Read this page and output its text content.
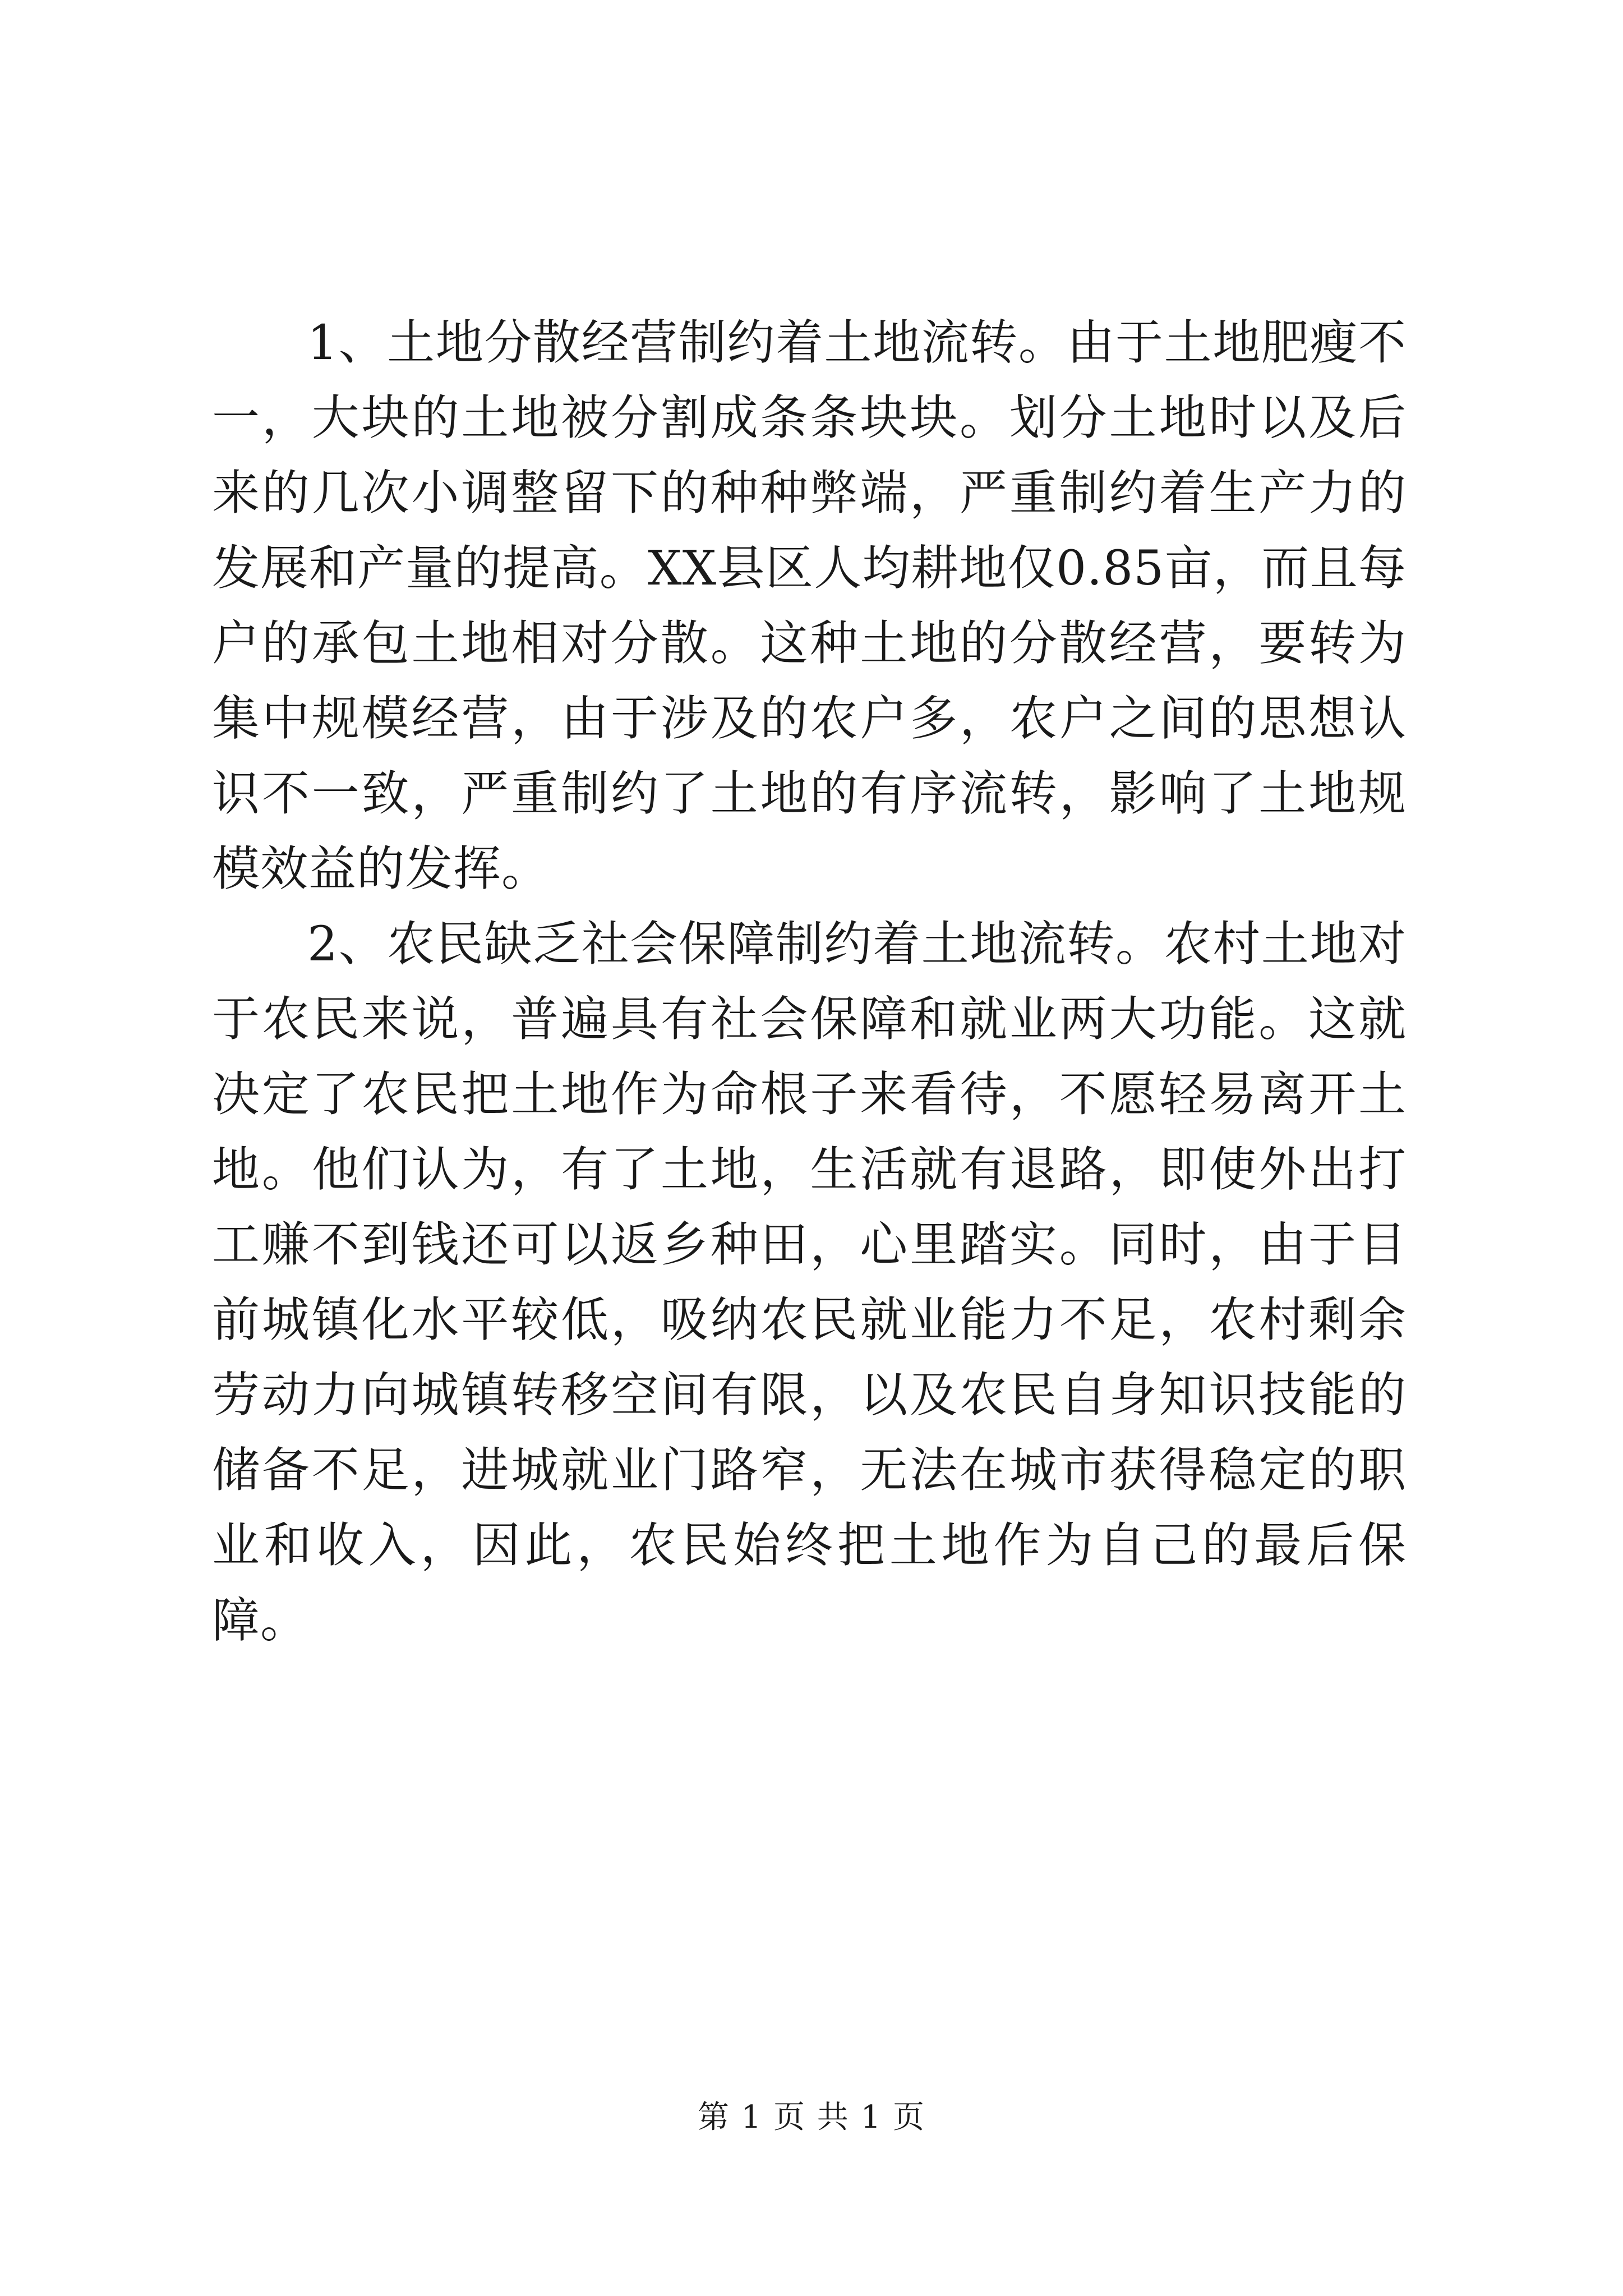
1、土地分散经营制约着土地流转。由于土地肥瘦不一，大块的土地被分割成条条块块。划分土地时以及后来的几次小调整留下的种种弊端，严重制约着生产力的发展和产量的提高。XX县区人均耕地仅0.85亩，而且每户的承包土地相对分散。这种土地的分散经营，要转为集中规模经营，由于涉及的农户多，农户之间的思想认识不一致，严重制约了土地的有序流转，影响了土地规模效益的发挥。

2、农民缺乏社会保障制约着土地流转。农村土地对于农民来说，普遍具有社会保障和就业两大功能。这就决定了农民把土地作为命根子来看待，不愿轻易离开土地。他们认为，有了土地，生活就有退路，即使外出打工赚不到钱还可以返乡种田，心里踏实。同时，由于目前城镇化水平较低，吸纳农民就业能力不足，农村剩余劳动力向城镇转移空间有限，以及农民自身知识技能的储备不足，进城就业门路窄，无法在城市获得稳定的职业和收入，因此，农民始终把土地作为自己的最后保障。

第 1 页 共 1 页
